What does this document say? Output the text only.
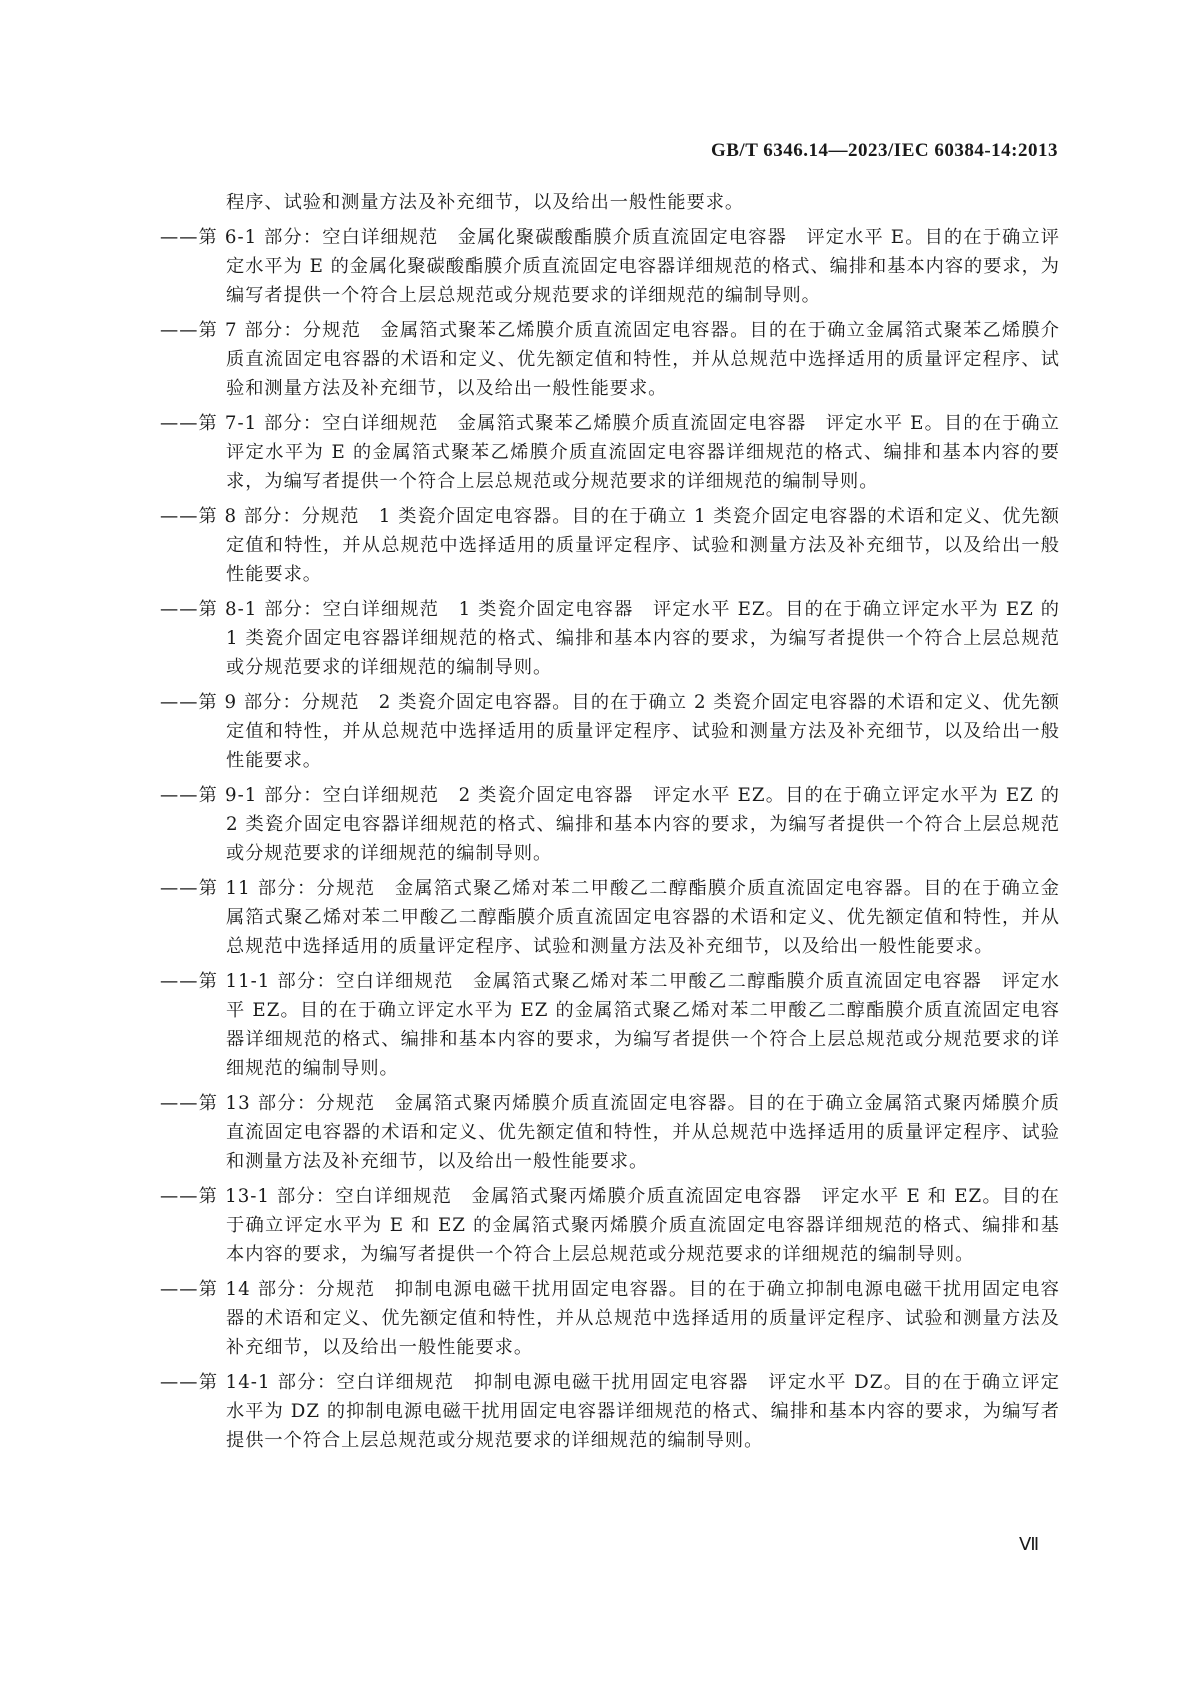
GB/T 6346.14—2023/IEC 60384-14:2013

程序、试验和测量方法及补充细节，以及给出一般性能要求。

——第 6-1 部分：空白详细规范　金属化聚碳酸酯膜介质直流固定电容器　评定水平 E。目的在于确立评定水平为 E 的金属化聚碳酸酯膜介质直流固定电容器详细规范的格式、编排和基本内容的要求，为编写者提供一个符合上层总规范或分规范要求的详细规范的编制导则。

——第 7 部分：分规范　金属箔式聚苯乙烯膜介质直流固定电容器。目的在于确立金属箔式聚苯乙烯膜介质直流固定电容器的术语和定义、优先额定值和特性，并从总规范中选择适用的质量评定程序、试验和测量方法及补充细节，以及给出一般性能要求。

——第 7-1 部分：空白详细规范　金属箔式聚苯乙烯膜介质直流固定电容器　评定水平 E。目的在于确立评定水平为 E 的金属箔式聚苯乙烯膜介质直流固定电容器详细规范的格式、编排和基本内容的要求，为编写者提供一个符合上层总规范或分规范要求的详细规范的编制导则。

——第 8 部分：分规范　1 类瓷介固定电容器。目的在于确立 1 类瓷介固定电容器的术语和定义、优先额定值和特性，并从总规范中选择适用的质量评定程序、试验和测量方法及补充细节，以及给出一般性能要求。

——第 8-1 部分：空白详细规范　1 类瓷介固定电容器　评定水平 EZ。目的在于确立评定水平为 EZ 的 1 类瓷介固定电容器详细规范的格式、编排和基本内容的要求，为编写者提供一个符合上层总规范或分规范要求的详细规范的编制导则。

——第 9 部分：分规范　2 类瓷介固定电容器。目的在于确立 2 类瓷介固定电容器的术语和定义、优先额定值和特性，并从总规范中选择适用的质量评定程序、试验和测量方法及补充细节，以及给出一般性能要求。

——第 9-1 部分：空白详细规范　2 类瓷介固定电容器　评定水平 EZ。目的在于确立评定水平为 EZ 的 2 类瓷介固定电容器详细规范的格式、编排和基本内容的要求，为编写者提供一个符合上层总规范或分规范要求的详细规范的编制导则。

——第 11 部分：分规范　金属箔式聚乙烯对苯二甲酸乙二醇酯膜介质直流固定电容器。目的在于确立金属箔式聚乙烯对苯二甲酸乙二醇酯膜介质直流固定电容器的术语和定义、优先额定值和特性，并从总规范中选择适用的质量评定程序、试验和测量方法及补充细节，以及给出一般性能要求。

——第 11-1 部分：空白详细规范　金属箔式聚乙烯对苯二甲酸乙二醇酯膜介质直流固定电容器　评定水平 EZ。目的在于确立评定水平为 EZ 的金属箔式聚乙烯对苯二甲酸乙二醇酯膜介质直流固定电容器详细规范的格式、编排和基本内容的要求，为编写者提供一个符合上层总规范或分规范要求的详细规范的编制导则。

——第 13 部分：分规范　金属箔式聚丙烯膜介质直流固定电容器。目的在于确立金属箔式聚丙烯膜介质直流固定电容器的术语和定义、优先额定值和特性，并从总规范中选择适用的质量评定程序、试验和测量方法及补充细节，以及给出一般性能要求。

——第 13-1 部分：空白详细规范　金属箔式聚丙烯膜介质直流固定电容器　评定水平 E 和 EZ。目的在于确立评定水平为 E 和 EZ 的金属箔式聚丙烯膜介质直流固定电容器详细规范的格式、编排和基本内容的要求，为编写者提供一个符合上层总规范或分规范要求的详细规范的编制导则。

——第 14 部分：分规范　抑制电源电磁干扰用固定电容器。目的在于确立抑制电源电磁干扰用固定电容器的术语和定义、优先额定值和特性，并从总规范中选择适用的质量评定程序、试验和测量方法及补充细节，以及给出一般性能要求。

——第 14-1 部分：空白详细规范　抑制电源电磁干扰用固定电容器　评定水平 DZ。目的在于确立评定水平为 DZ 的抑制电源电磁干扰用固定电容器详细规范的格式、编排和基本内容的要求，为编写者提供一个符合上层总规范或分规范要求的详细规范的编制导则。

Ⅶ
